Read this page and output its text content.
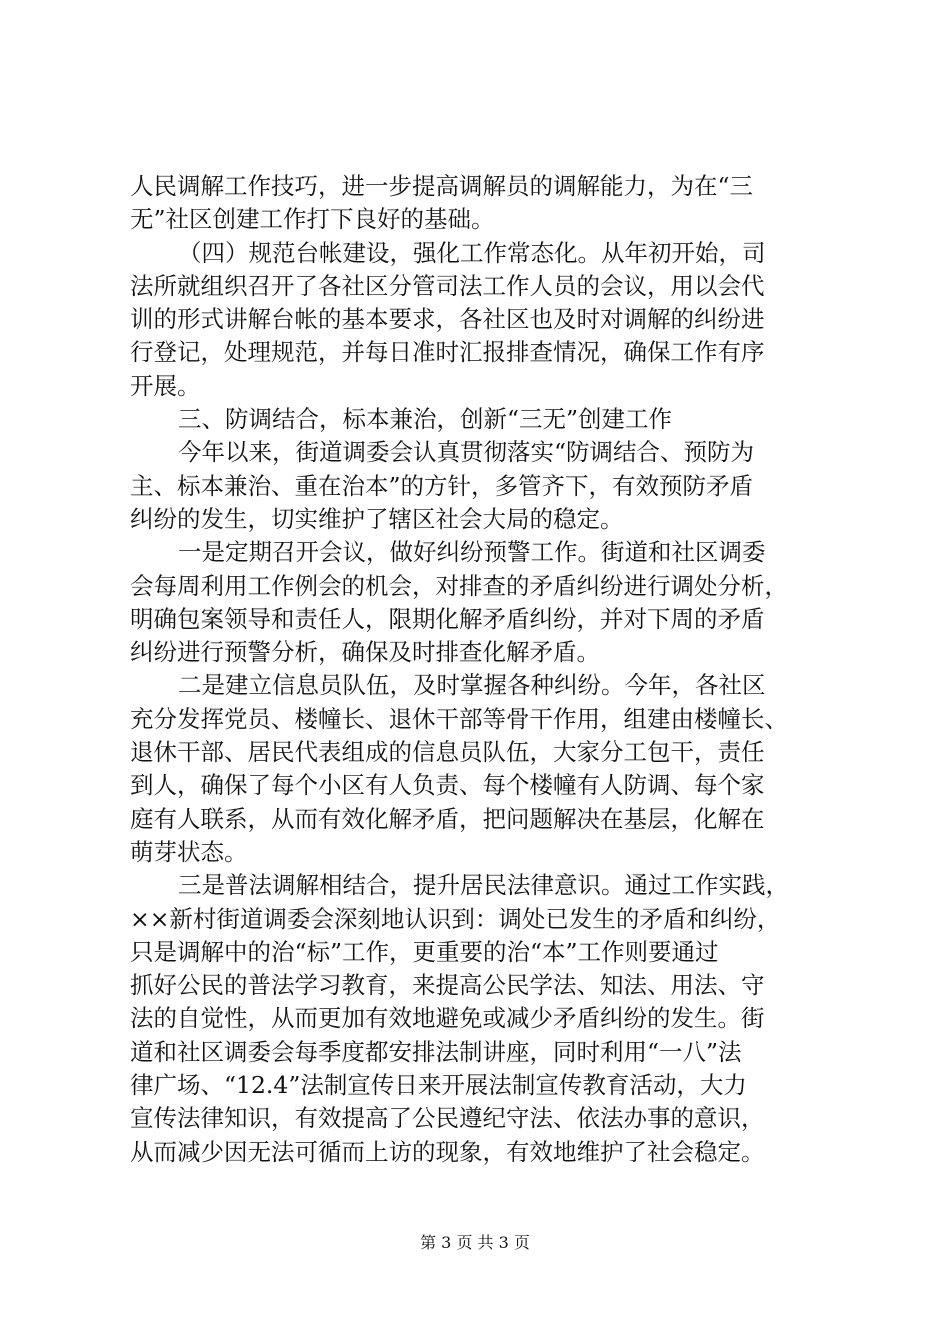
人民调解工作技巧，进一步提高调解员的调解能力，为在“三
无”社区创建工作打下良好的基础。
（四）规范台帐建设，强化工作常态化。从年初开始，司
法所就组织召开了各社区分管司法工作人员的会议，用以会代
训的形式讲解台帐的基本要求，各社区也及时对调解的纠纷进
行登记，处理规范，并每日准时汇报排查情况，确保工作有序
开展。
三、防调结合，标本兼治，创新“三无”创建工作
今年以来，街道调委会认真贯彻落实“防调结合、预防为
主、标本兼治、重在治本”的方针，多管齐下，有效预防矛盾
纠纷的发生，切实维护了辖区社会大局的稳定。
一是定期召开会议，做好纠纷预警工作。街道和社区调委
会每周利用工作例会的机会，对排查的矛盾纠纷进行调处分析，
明确包案领导和责任人，限期化解矛盾纠纷，并对下周的矛盾
纠纷进行预警分析，确保及时排查化解矛盾。
二是建立信息员队伍，及时掌握各种纠纷。今年，各社区
充分发挥党员、楼幢长、退休干部等骨干作用，组建由楼幢长、
退休干部、居民代表组成的信息员队伍，大家分工包干，责任
到人，确保了每个小区有人负责、每个楼幢有人防调、每个家
庭有人联系，从而有效化解矛盾，把问题解决在基层，化解在
萌芽状态。
三是普法调解相结合，提升居民法律意识。通过工作实践，
××新村街道调委会深刻地认识到：调处已发生的矛盾和纠纷，
只是调解中的治“标”工作，更重要的治“本”工作则要通过
抓好公民的普法学习教育，来提高公民学法、知法、用法、守
法的自觉性，从而更加有效地避免或减少矛盾纠纷的发生。街
道和社区调委会每季度都安排法制讲座，同时利用“一八”法
律广场、“12.4”法制宣传日来开展法制宣传教育活动，大力
宣传法律知识，有效提高了公民遵纪守法、依法办事的意识，
从而减少因无法可循而上访的现象，有效地维护了社会稳定。
第 3 页 共 3 页
